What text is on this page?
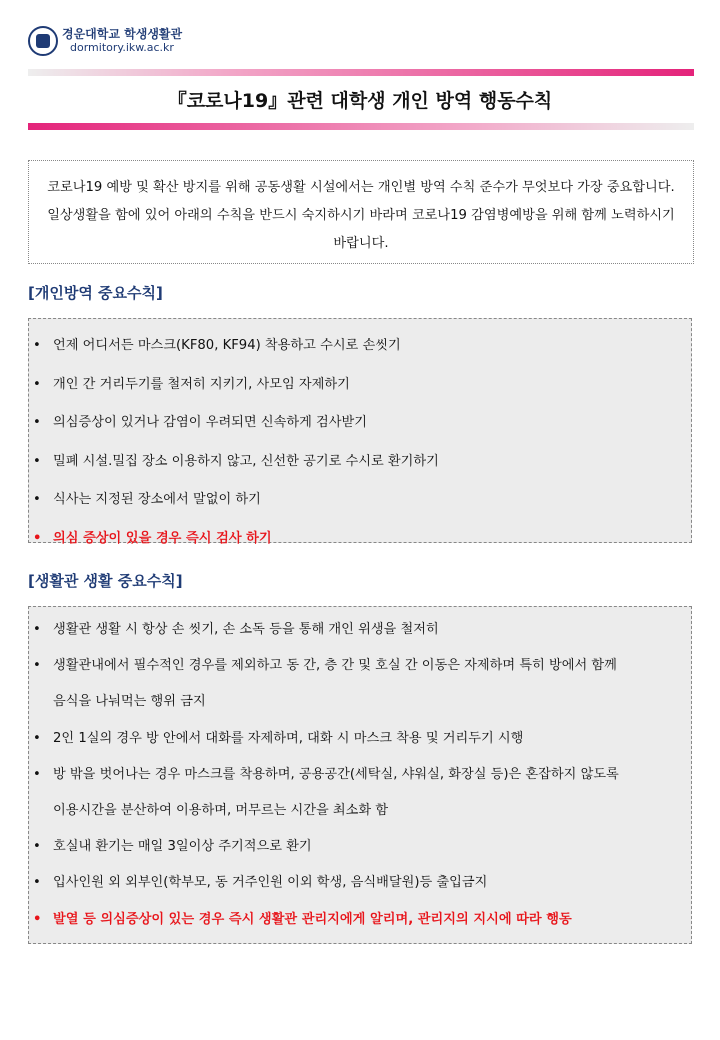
경운대학교 학생생활관
dormitory.ikw.ac.kr
『코로나19』관련 대학생 개인 방역 행동수칙
코로나19 예방 및 확산 방지를 위해 공동생활 시설에서는 개인별 방역 수칙 준수가 무엇보다 가장 중요합니다. 일상생활을 함에 있어 아래의 수칙을 반드시 숙지하시기 바라며 코로나19 감염병예방을 위해 함께 노력하시기 바랍니다.
[개인방역 중요수칙]
• 언제 어디서든 마스크(KF80, KF94) 착용하고 수시로 손씻기
• 개인 간 거리두기를 철저히 지키기, 사모임 자제하기
• 의심증상이 있거나 감염이 우려되면 신속하게 검사받기
• 밀폐 시설.밀집 장소 이용하지 않고, 신선한 공기로 수시로 환기하기
• 식사는 지정된 장소에서 말없이 하기
• 의심 증상이 있을 경우 즉시 검사 하기
[생활관 생활 중요수칙]
• 생활관 생활 시 항상 손 씻기, 손 소독 등을 통해 개인 위생을 철저히
• 생활관내에서 필수적인 경우를 제외하고 동 간, 층 간 및 호실 간 이동은 자제하며 특히 방에서 함께
음식을 나눠먹는 행위 금지
• 2인 1실의 경우 방 안에서 대화를 자제하며, 대화 시 마스크 착용 및 거리두기 시행
• 방 밖을 벗어나는 경우 마스크를 착용하며, 공용공간(세탁실, 샤워실, 화장실 등)은 혼잡하지 않도록
이용시간을 분산하여 이용하며, 머무르는 시간을 최소화 함
• 호실내 환기는 매일 3일이상 주기적으로 환기
• 입사인원 외 외부인(학부모, 동 거주인원 이외 학생, 음식배달원)등 출입금지
• 발열 등 의심증상이 있는 경우 즉시 생활관 관리지에게 알리며, 관리지의 지시에 따라 행동
